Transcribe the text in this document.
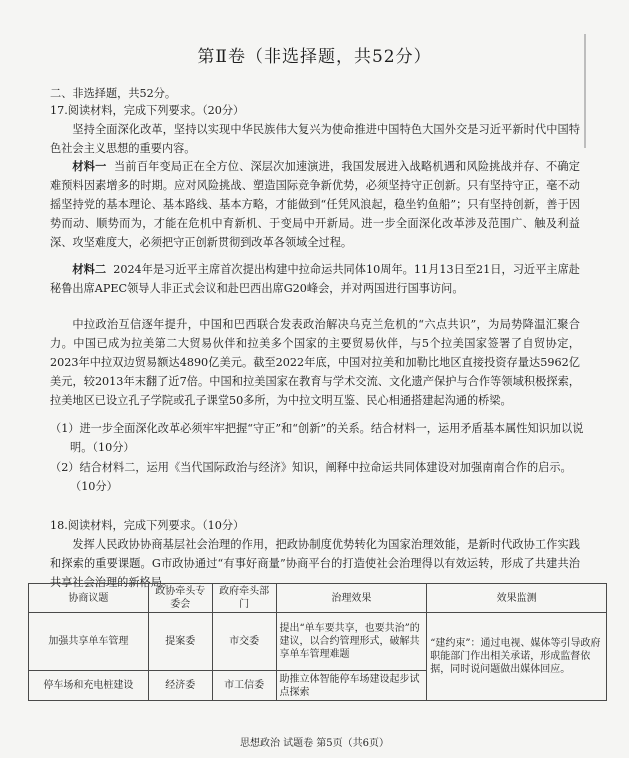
第Ⅱ卷（非选择题，共52分）

二、非选择题，共52分。

17.阅读材料，完成下列要求。（20分）

坚持全面深化改革，坚持以实现中华民族伟大复兴为使命推进中国特色大国外交是习近平新时代中国特色社会主义思想的重要内容。

材料一 当前百年变局正在全方位、深层次加速演进，我国发展进入战略机遇和风险挑战并存、不确定难预料因素增多的时期。应对风险挑战、塑造国际竞争新优势，必须坚持守正创新。只有坚持守正，毫不动摇坚持党的基本理论、基本路线、基本方略，才能做到“任凭风浪起，稳坐钓鱼船”；只有坚持创新，善于因势而动、顺势而为，才能在危机中育新机、于变局中开新局。进一步全面深化改革涉及范围广、触及利益深、攻坚难度大，必须把守正创新贯彻到改革各领域全过程。

材料二 2024年是习近平主席首次提出构建中拉命运共同体10周年。11月13日至21日，习近平主席赴秘鲁出席APEC领导人非正式会议和赴巴西出席G20峰会，并对两国进行国事访问。

中拉政治互信逐年提升，中国和巴西联合发表政治解决乌克兰危机的“六点共识”，为局势降温汇聚合力。中国已成为拉美第二大贸易伙伴和拉美多个国家的主要贸易伙伴，与5个拉美国家签署了自贸协定，2023年中拉双边贸易额达4890亿美元。截至2022年底，中国对拉美和加勒比地区直接投资存量达5962亿美元，较2013年末翻了近7倍。中国和拉美国家在教育与学术交流、文化遗产保护与合作等领域积极探索，拉美地区已设立孔子学院或孔子课堂50多所，为中拉文明互鉴、民心相通搭建起沟通的桥梁。

（1）进一步全面深化改革必须牢牢把握“守正”和“创新”的关系。结合材料一，运用矛盾基本属性知识加以说明。（10分）
（2）结合材料二，运用《当代国际政治与经济》知识，阐释中拉命运共同体建设对加强南南合作的启示。（10分）

18.阅读材料，完成下列要求。（10分）

发挥人民政协协商基层社会治理的作用，把政协制度优势转化为国家治理效能，是新时代政协工作实践和探索的重要课题。G市政协通过“有事好商量”协商平台的打造使社会治理得以有效运转，形成了共建共治共享社会治理的新格局。

协商议题	政协牵头专委会	政府牵头部门	治理效果	效果监测
加强共享单车管理	提案委	市交委	提出“单车要共享，也要共治”的建议，以合约管理形式，破解共享单车管理难题	“建约束”：通过电视、媒体等引导政府职能部门作出相关承诺，形成监督依据，同时说问题做出媒体回应。
停车场和充电桩建设	经济委	市工信委	助推立体智能停车场建设起步试点探索	
思想政治 试题卷 第5页（共6页）
